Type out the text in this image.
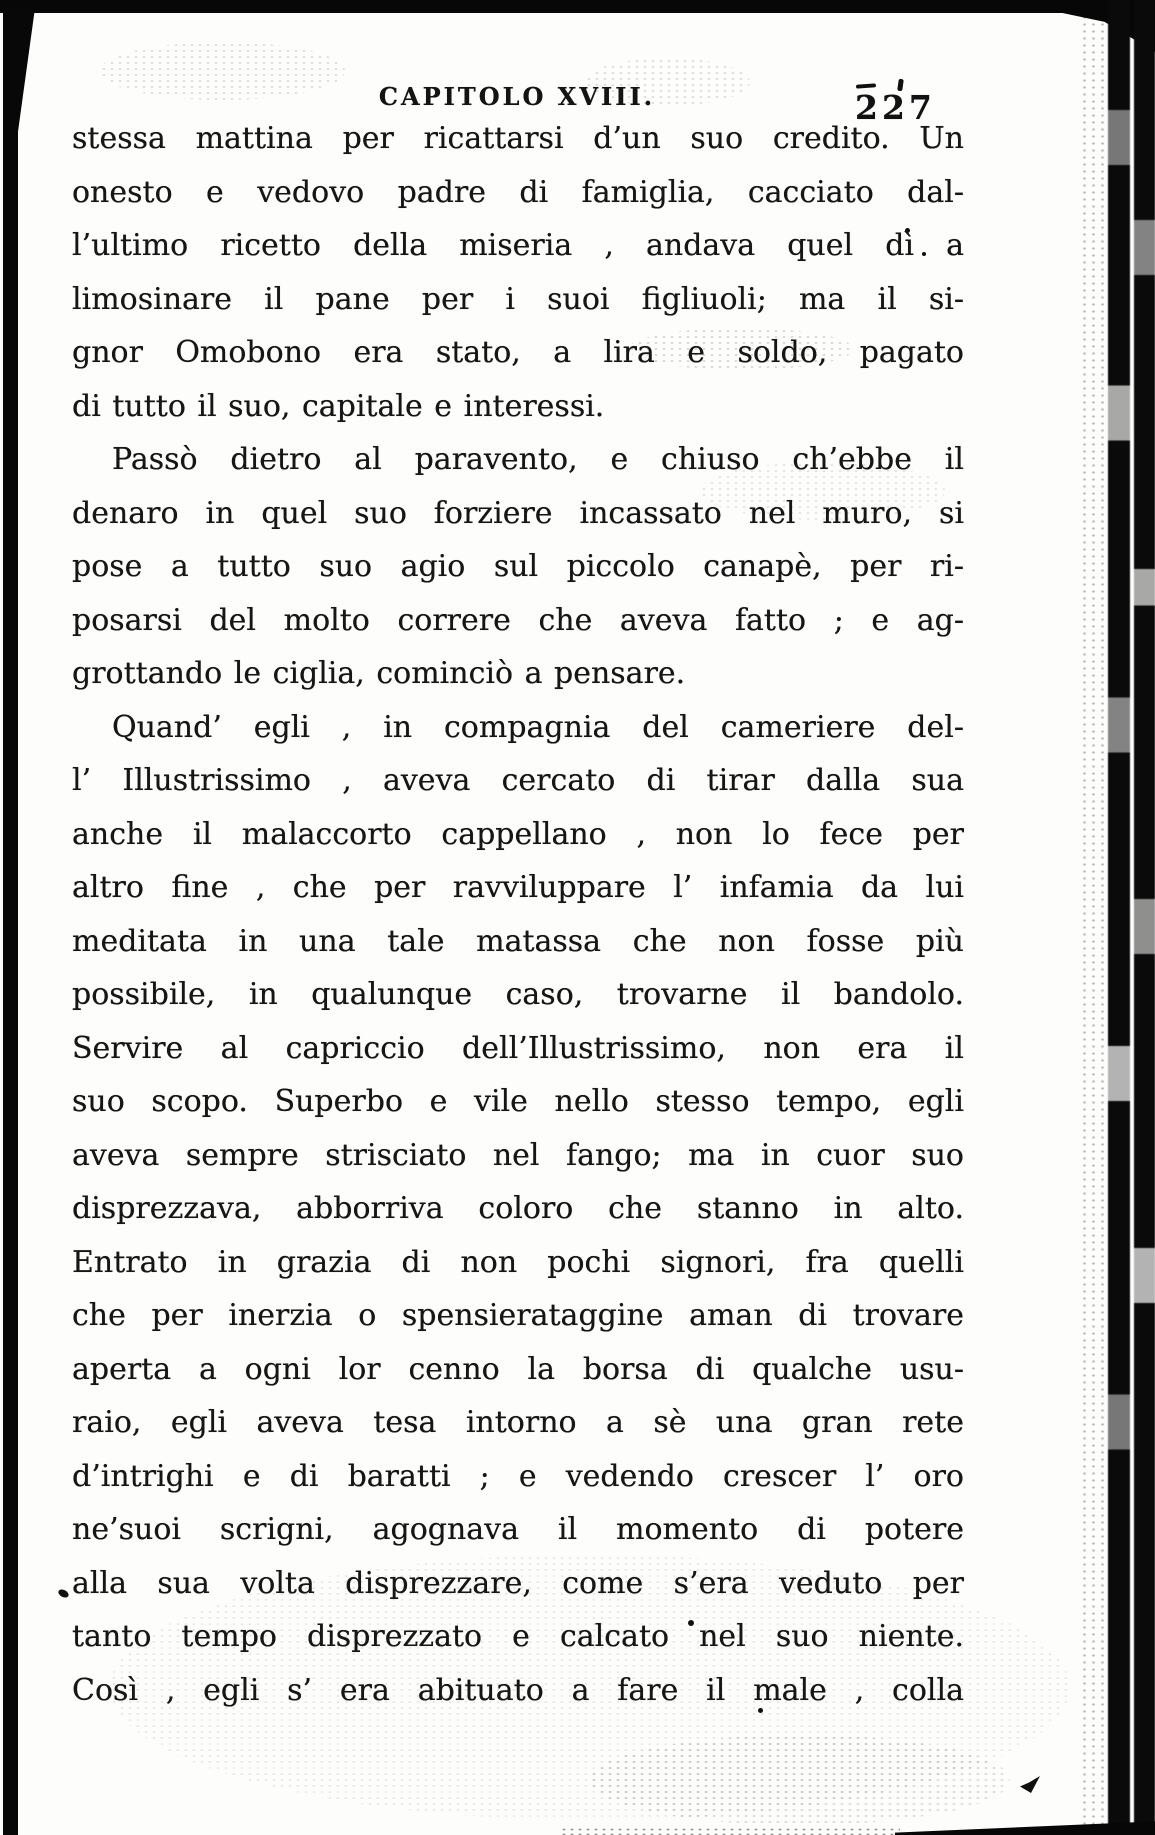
CAPITOLO XVIII.	227
stessa mattina per ricattarsi d’un suo credito. Un
onesto e vedovo padre di famiglia, cacciato dal-
l’ultimo ricetto della miseria , andava quel dì a
limosinare il pane per i suoi figliuoli; ma il si-
gnor Omobono era stato, a lira e soldo, pagato
di tutto il suo, capitale e interessi.
Passò dietro al paravento, e chiuso ch’ebbe il
denaro in quel suo forziere incassato nel muro, si
pose a tutto suo agio sul piccolo canapè, per ri-
posarsi del molto correre che aveva fatto ; e ag-
grottando le ciglia, cominciò a pensare.
Quand’ egli , in compagnia del cameriere del-
l’ Illustrissimo , aveva cercato di tirar dalla sua
anche il malaccorto cappellano , non lo fece per
altro fine , che per ravviluppare l’ infamia da lui
meditata in una tale matassa che non fosse più
possibile, in qualunque caso, trovarne il bandolo.
Servire al capriccio dell’Illustrissimo, non era il
suo scopo. Superbo e vile nello stesso tempo, egli
aveva sempre strisciato nel fango; ma in cuor suo
disprezzava, abborriva coloro che stanno in alto.
Entrato in grazia di non pochi signori, fra quelli
che per inerzia o spensierataggine aman di trovare
aperta a ogni lor cenno la borsa di qualche usu-
raio, egli aveva tesa intorno a sè una gran rete
d’intrighi e di baratti ; e vedendo crescer l’ oro
ne’suoi scrigni, agognava il momento di potere
alla sua volta disprezzare, come s’era veduto per
tanto tempo disprezzato e calcato nel suo niente.
Così , egli s’ era abituato a fare il male , colla
